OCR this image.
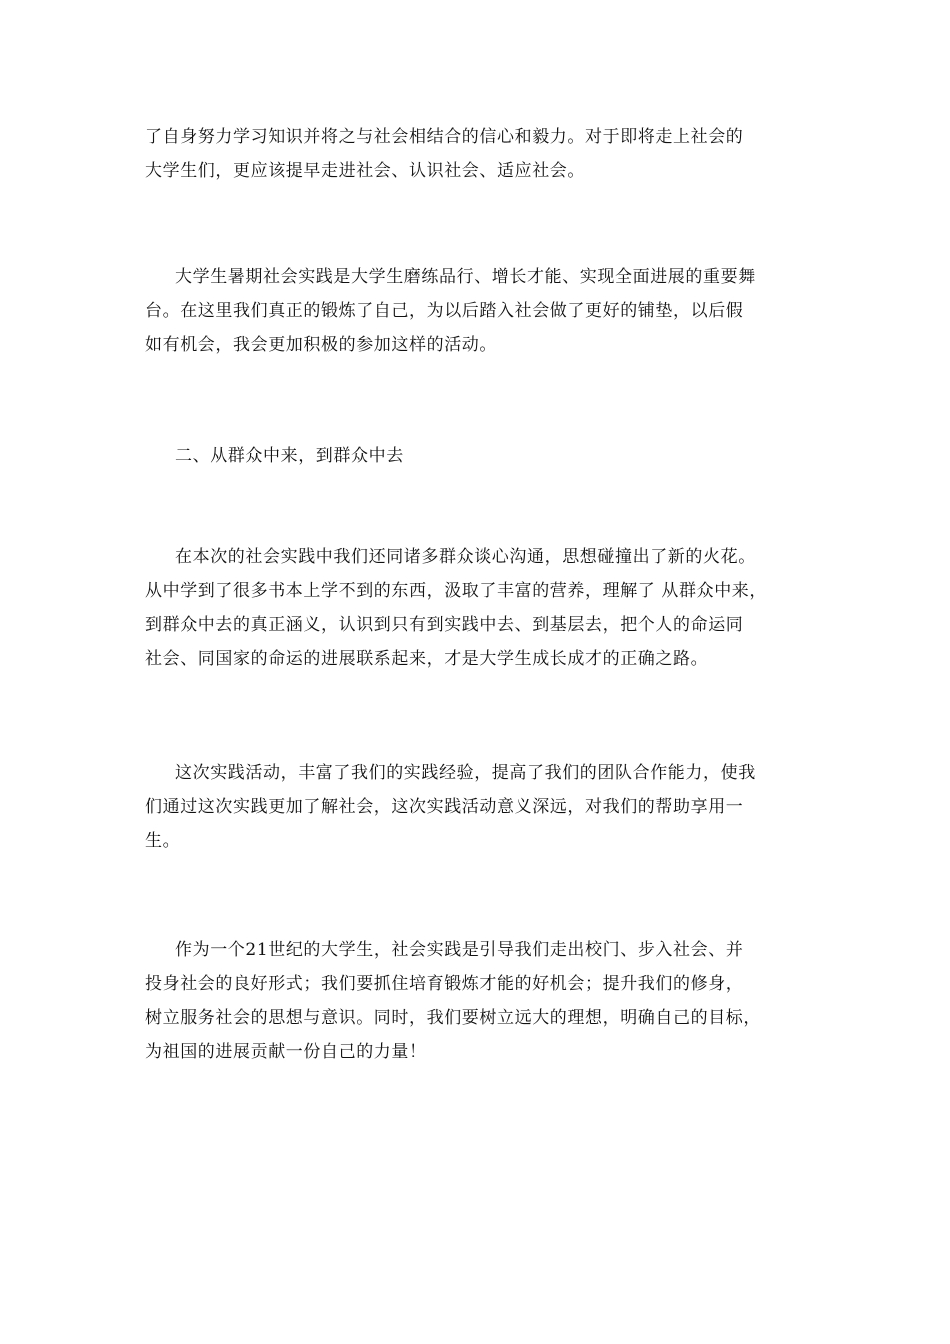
了自身努力学习知识并将之与社会相结合的信心和毅力。对于即将走上社会的
大学生们，更应该提早走进社会、认识社会、适应社会。

大学生暑期社会实践是大学生磨练品行、增长才能、实现全面进展的重要舞
台。在这里我们真正的锻炼了自己，为以后踏入社会做了更好的铺垫，以后假
如有机会，我会更加积极的参加这样的活动。

二、从群众中来，到群众中去

在本次的社会实践中我们还同诸多群众谈心沟通，思想碰撞出了新的火花。
从中学到了很多书本上学不到的东西，汲取了丰富的营养，理解了 从群众中来，
到群众中去的真正涵义，认识到只有到实践中去、到基层去，把个人的命运同
社会、同国家的命运的进展联系起来，才是大学生成长成才的正确之路。

这次实践活动，丰富了我们的实践经验，提高了我们的团队合作能力，使我
们通过这次实践更加了解社会，这次实践活动意义深远，对我们的帮助享用一
生。

作为一个21世纪的大学生，社会实践是引导我们走出校门、步入社会、并
投身社会的良好形式；我们要抓住培育锻炼才能的好机会；提升我们的修身，
树立服务社会的思想与意识。同时，我们要树立远大的理想，明确自己的目标，
为祖国的进展贡献一份自己的力量！
